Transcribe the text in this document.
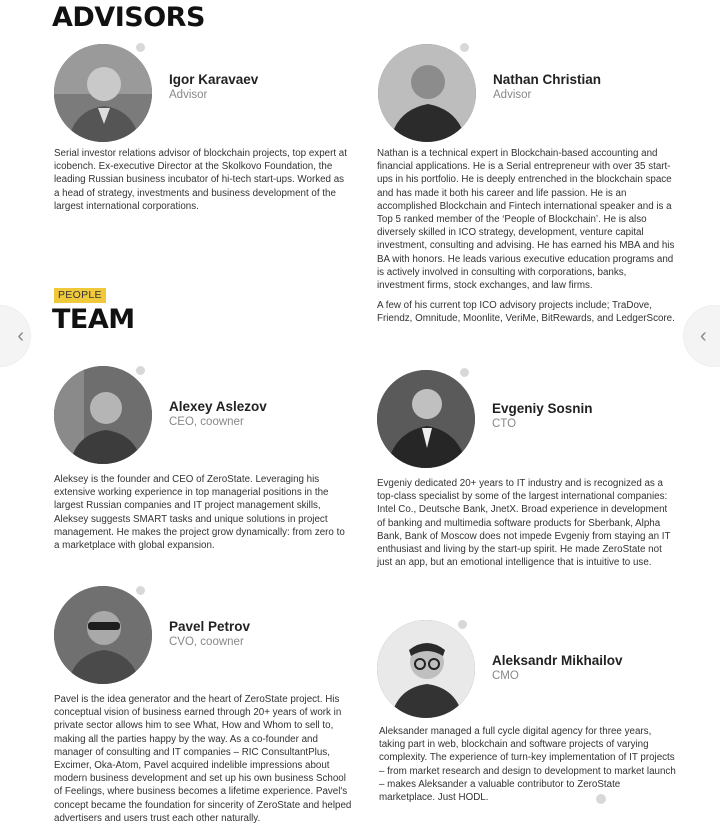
ADVISORS
PEOPLE
TEAM
Igor Karavaev
Advisor

Serial investor relations advisor of blockchain projects, top expert at icobench. Ex-executive Director at the Skolkovo Foundation, the leading Russian business incubator of hi-tech start-ups. Worked as a head of strategy, investments and business development of the largest international corporations.

Nathan Christian
Advisor

Nathan is a technical expert in Blockchain-based accounting and financial applications. He is a Serial entrepreneur with over 35 start-ups in his portfolio. He is deeply entrenched in the blockchain space and has made it both his career and life passion. He is an accomplished Blockchain and Fintech international speaker and is a Top 5 ranked member of the ‘People of Blockchain’. He is also diversely skilled in ICO strategy, development, venture capital investment, consulting and advising. He has earned his MBA and his BA with honors. He leads various executive education programs and is actively involved in consulting with corporations, banks, investment firms, stock exchanges, and law firms.

A few of his current top ICO advisory projects include; TraDove, Friendz, Omnitude, Moonlite, VeriMe, BitRewards, and LedgerScore.

Alexey Aslezov
CEO, coowner

Aleksey is the founder and CEO of ZeroState. Leveraging his extensive working experience in top managerial positions in the largest Russian companies and IT project management skills, Aleksey suggests SMART tasks and unique solutions in project management. He makes the project grow dynamically: from zero to a marketplace with global expansion.

Evgeniy Sosnin
CTO

Evgeniy dedicated 20+ years to IT industry and is recognized as a top-class specialist by some of the largest international companies: Intel Co., Deutsche Bank, JnetX. Broad experience in development of banking and multimedia software products for Sberbank, Alpha Bank, Bank of Moscow does not impede Evgeniy from staying an IT enthusiast and living by the start-up spirit. He made ZeroState not just an app, but an emotional intelligence that is intuitive to use.

Pavel Petrov
CVO, coowner

Pavel is the idea generator and the heart of ZeroState project. His conceptual vision of business earned through 20+ years of work in private sector allows him to see What, How and Whom to sell to, making all the parties happy by the way. As a co-founder and manager of consulting and IT companies – RIC ConsultantPlus, Excimer, Oka-Atom, Pavel acquired indelible impressions about modern business development and set up his own business School of Feelings, where business becomes a lifetime experience. Pavel's concept became the foundation for sincerity of ZeroState and helped advertisers and users trust each other naturally.

Aleksandr Mikhailov
CMO

Aleksander managed a full cycle digital agency for three years, taking part in web, blockchain and software projects of varying complexity. The experience of turn-key implementation of IT projects – from market research and design to development to market launch – makes Aleksander a valuable contributor to ZeroState marketplace. Just HODL.

‹	‹
